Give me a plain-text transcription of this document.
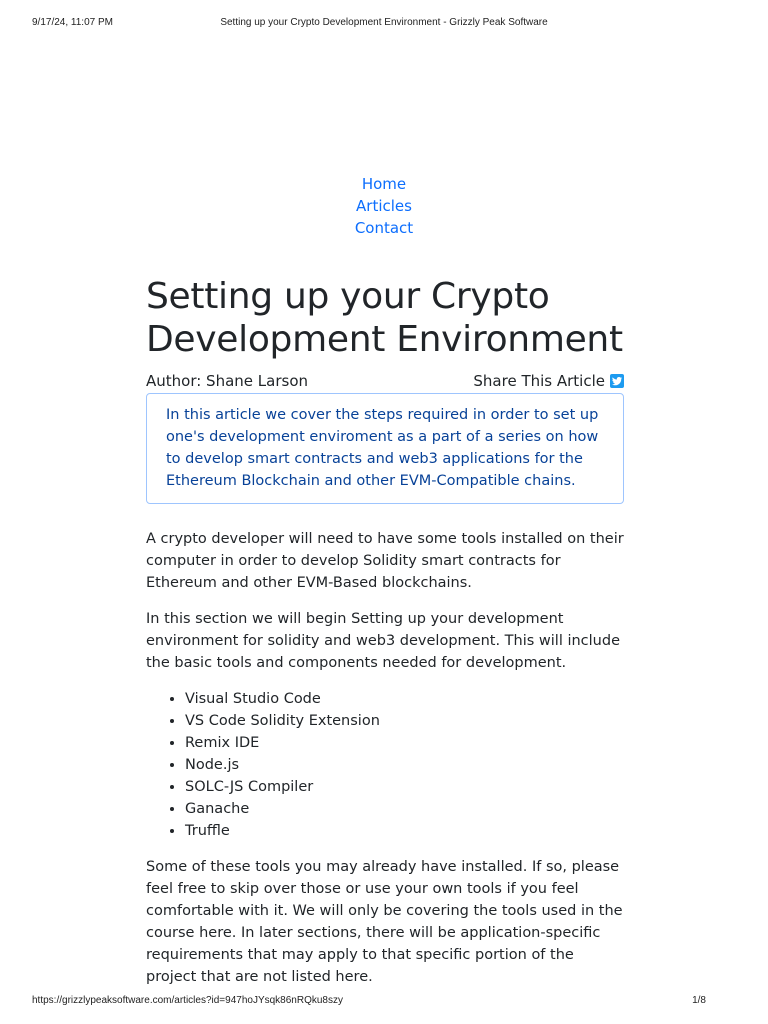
9/17/24, 11:07 PM	Setting up your Crypto Development Environment - Grizzly Peak Software
Home
Articles
Contact
Setting up your Crypto Development Environment
Author: Shane Larson	Share This Article
In this article we cover the steps required in order to set up one's development enviroment as a part of a series on how to develop smart contracts and web3 applications for the Ethereum Blockchain and other EVM-Compatible chains.

A crypto developer will need to have some tools installed on their computer in order to develop Solidity smart contracts for Ethereum and other EVM-Based blockchains.

In this section we will begin Setting up your development environment for solidity and web3 development. This will include the basic tools and components needed for development.

• Visual Studio Code
• VS Code Solidity Extension
• Remix IDE
• Node.js
• SOLC-JS Compiler
• Ganache
• Truffle

Some of these tools you may already have installed. If so, please feel free to skip over those or use your own tools if you feel comfortable with it. We will only be covering the tools used in the course here. In later sections, there will be application-specific requirements that may apply to that specific portion of the project that are not listed here.

https://grizzlypeaksoftware.com/articles?id=947hoJYsqk86nRQku8szy	1/8
